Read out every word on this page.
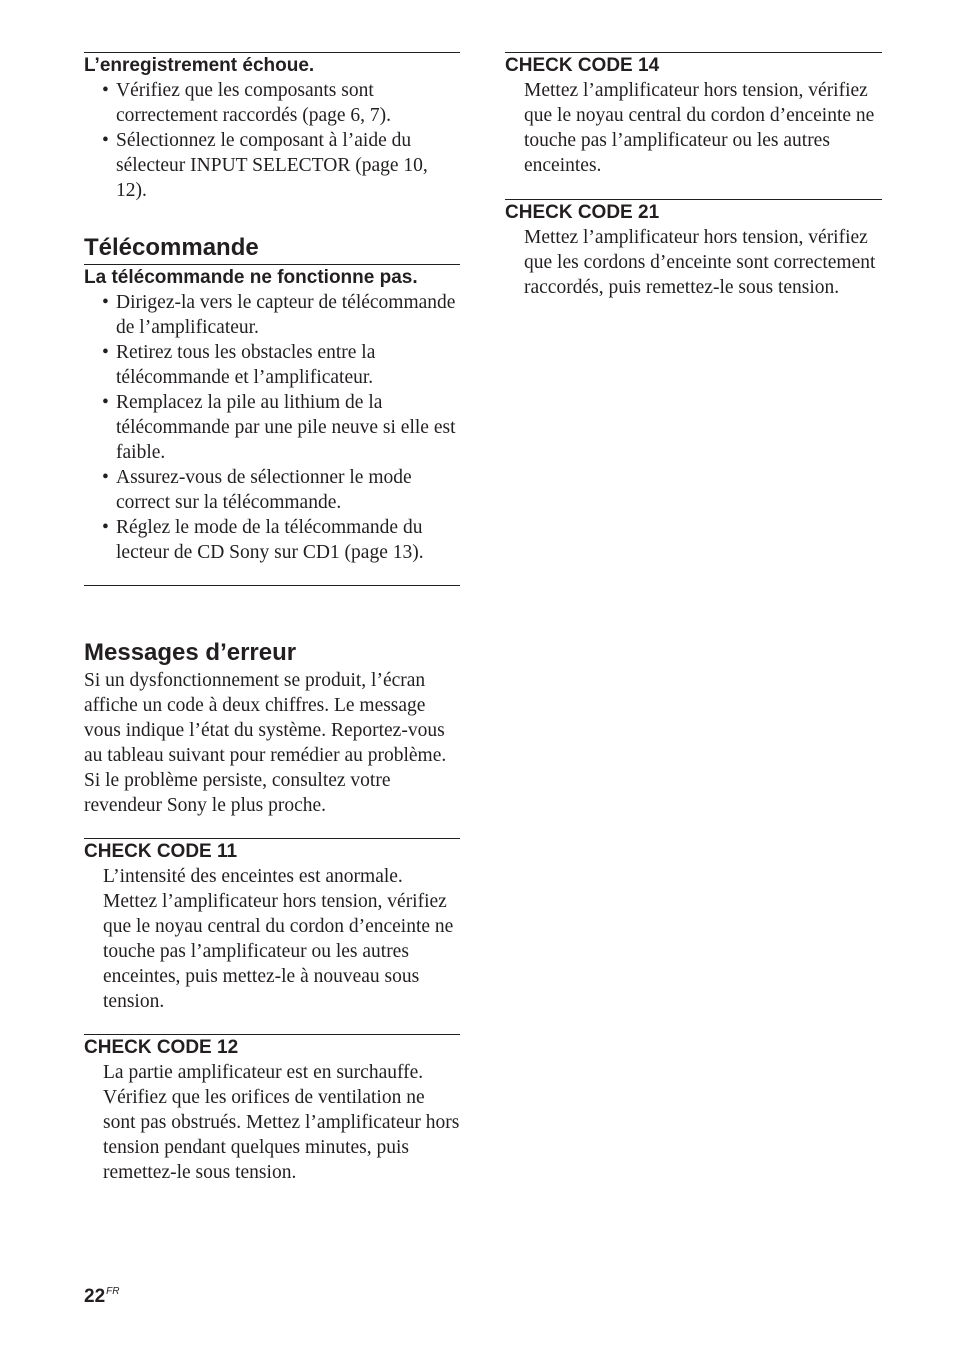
L’enregistrement échoue.
• Vérifiez que les composants sont correctement raccordés (page 6, 7).
• Sélectionnez le composant à l’aide du sélecteur INPUT SELECTOR (page 10, 12).
Télécommande
La télécommande ne fonctionne pas.
• Dirigez-la vers le capteur de télécommande de l’amplificateur.
• Retirez tous les obstacles entre la télécommande et l’amplificateur.
• Remplacez la pile au lithium de la télécommande par une pile neuve si elle est faible.
• Assurez-vous de sélectionner le mode correct sur la télécommande.
• Réglez le mode de la télécommande du lecteur de CD Sony sur CD1 (page 13).
Messages d’erreur

Si un dysfonctionnement se produit, l’écran affiche un code à deux chiffres. Le message vous indique l’état du système. Reportez-vous au tableau suivant pour remédier au problème. Si le problème persiste, consultez votre revendeur Sony le plus proche.

CHECK CODE 11

L’intensité des enceintes est anormale. Mettez l’amplificateur hors tension, vérifiez que le noyau central du cordon d’enceinte ne touche pas l’amplificateur ou les autres enceintes, puis mettez-le à nouveau sous tension.

CHECK CODE 12

La partie amplificateur est en surchauffe. Vérifiez que les orifices de ventilation ne sont pas obstrués. Mettez l’amplificateur hors tension pendant quelques minutes, puis remettez-le sous tension.

CHECK CODE 14

Mettez l’amplificateur hors tension, vérifiez que le noyau central du cordon d’enceinte ne touche pas l’amplificateur ou les autres enceintes.

CHECK CODE 21

Mettez l’amplificateur hors tension, vérifiez que les cordons d’enceinte sont correctement raccordés, puis remettez-le sous tension.

$22^{FR}$
